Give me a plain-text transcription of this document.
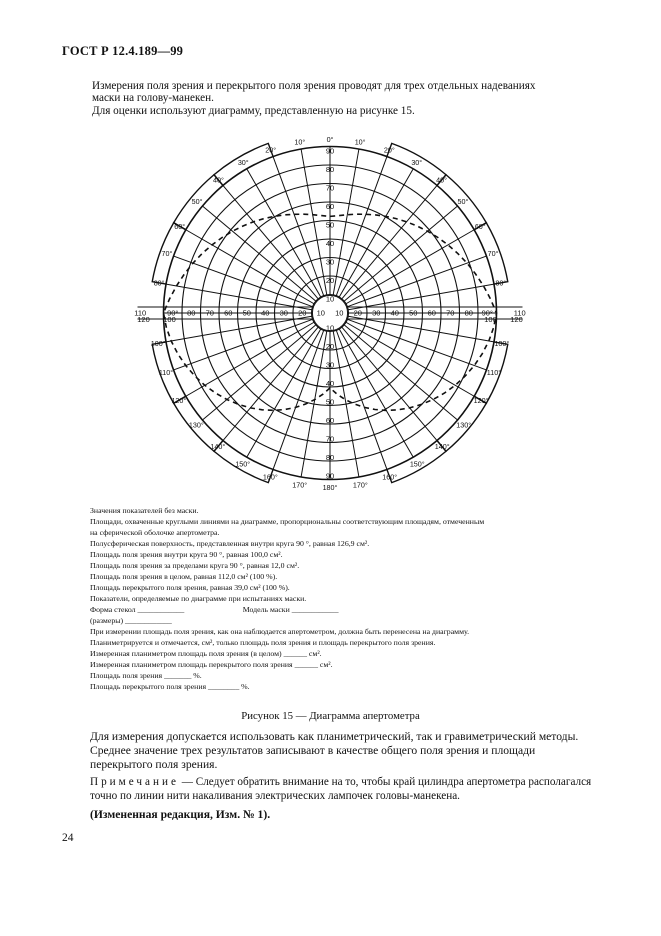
ГОСТ Р 12.4.189—99
Измерения поля зрения и перекрытого поля зрения проводят для трех отдельных надеваниях
маски на голову-манекен.
Для оценки используют диаграмму, представленную на рисунке 15.
10
10
20
20
30
30
40
40
50
50
60
60
70
70
80
80
90
90
110	90° 80 70 60 50 40 30 20 10 10 20 30 40 50 60 70 80 90°	110
120 100	100 120
0°
10°	10°
20°	20°
30°	30°
40°	40°
50°	50°
60°	60°
70°	70°
80°	80°
100°	100°
110°	110°
120°	120°
130°	130°
140°	140°
150°	150°
160°	160°
170°	170°
180°
Значения показателей без маски.
Площади, охваченные круглыми линиями на диаграмме, пропорциональны соответствующим площадям, отмеченным
на сферической оболочке апертометра.
Полусферическая поверхность, представленная внутри круга 90 °, равная 126,9 см².
Площадь поля зрения внутри круга 90 °, равная 100,0 см².
Площадь поля зрения за пределами круга 90 °, равная 12,0 см².
Площадь поля зрения в целом, равная 112,0 см² (100 %).
Площадь перекрытого поля зрения, равная 39,0 см² (100 %).
Показатели, определяемые по диаграмме при испытаниях маски.
Форма стекол ____________                              Модель маски ____________
(размеры) ____________
При измерении площадь поля зрения, как она наблюдается апертометром, должна быть перенесена на диаграмму.
Планиметрируется и отмечается, см², только площадь поля зрения и площадь перекрытого поля зрения.
Измеренная планиметром площадь поля зрения (в целом) ______ см².
Измеренная планиметром площадь перекрытого поля зрения ______ см².
Площадь поля зрения _______ %.
Площадь перекрытого поля зрения ________ %.
Рисунок 15 — Диаграмма апертометра
Для измерения допускается использовать как планиметрический, так и гравиметрический методы.
Среднее значение трех результатов записывают в качестве общего поля зрения и площади
перекрытого поля зрения.
Примечание — Следует обратить внимание на то, чтобы край цилиндра апертометра располагался
точно по линии нити накаливания электрических лампочек головы-манекена.
(Измененная редакция, Изм. № 1).
24
